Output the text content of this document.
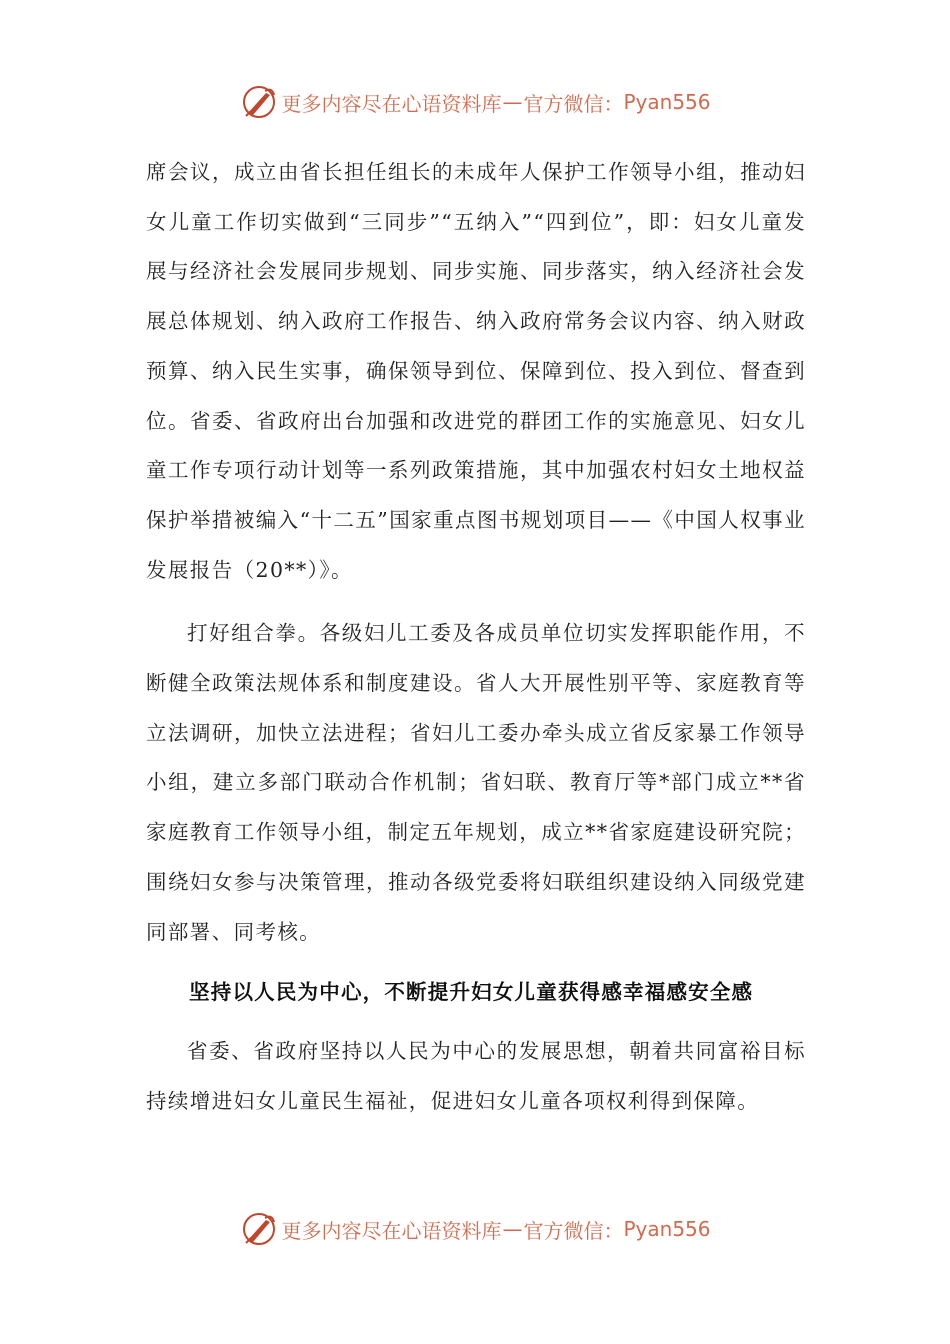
更多内容尽在心语资料库 — 官方微信： Pyan556

席会议，成立由省长担任组长的未成年人保护工作领导小组，推动妇女儿童工作切实做到“三同步”“五纳入”“四到位”，即：妇女儿童发展与经济社会发展同步规划、同步实施、同步落实，纳入经济社会发展总体规划、纳入政府工作报告、纳入政府常务会议内容、纳入财政预算、纳入民生实事，确保领导到位、保障到位、投入到位、督查到位。省委、省政府出台加强和改进党的群团工作的实施意见、妇女儿童工作专项行动计划等一系列政策措施，其中加强农村妇女土地权益保护举措被编入“十二五”国家重点图书规划项目——《中国人权事业发展报告（20**）》。

打好组合拳。各级妇儿工委及各成员单位切实发挥职能作用，不断健全政策法规体系和制度建设。省人大开展性别平等、家庭教育等立法调研，加快立法进程；省妇儿工委办牵头成立省反家暴工作领导小组，建立多部门联动合作机制；省妇联、教育厅等*部门成立**省家庭教育工作领导小组，制定五年规划，成立**省家庭建设研究院；围绕妇女参与决策管理，推动各级党委将妇联组织建设纳入同级党建同部署、同考核。

坚持以人民为中心，不断提升妇女儿童获得感幸福感安全感

省委、省政府坚持以人民为中心的发展思想，朝着共同富裕目标持续增进妇女儿童民生福祉，促进妇女儿童各项权利得到保障。

更多内容尽在心语资料库 — 官方微信： Pyan556
